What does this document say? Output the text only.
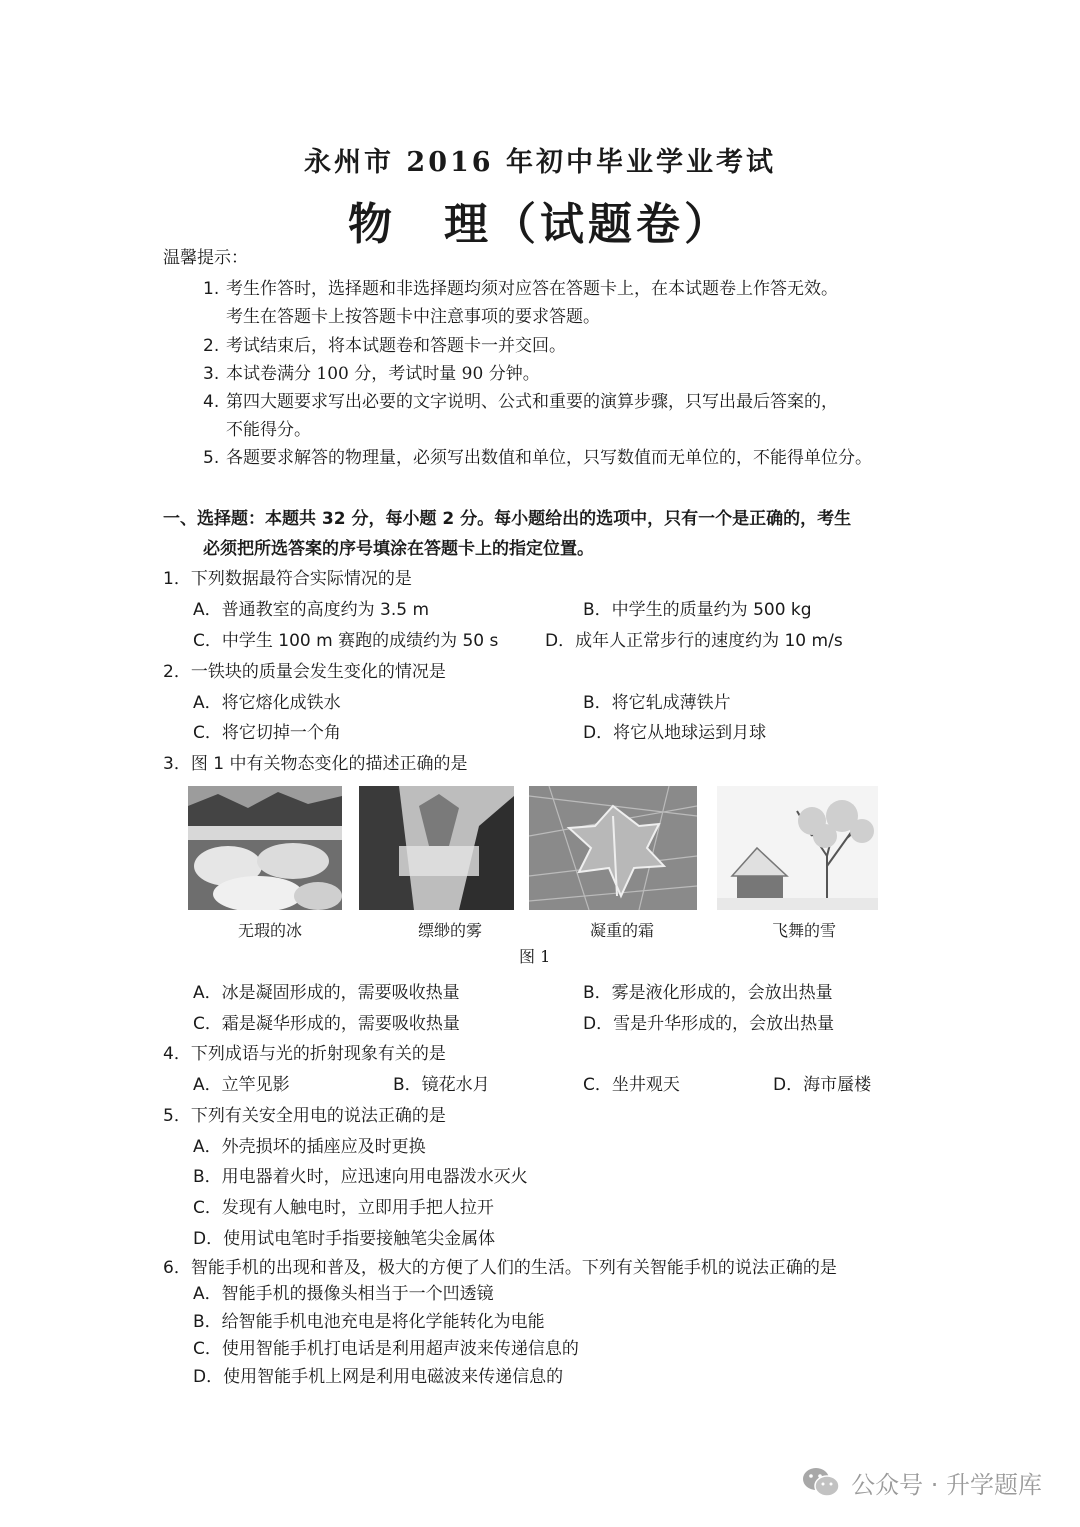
永州市 2016 年初中毕业学业考试
物　理（试题卷）
温馨提示：
1. 考生作答时，选择题和非选择题均须对应答在答题卡上，在本试题卷上作答无效。
考生在答题卡上按答题卡中注意事项的要求答题。
2. 考试结束后，将本试题卷和答题卡一并交回。
3. 本试卷满分 100 分，考试时量 90 分钟。
4. 第四大题要求写出必要的文字说明、公式和重要的演算步骤，只写出最后答案的，
不能得分。
5. 各题要求解答的物理量，必须写出数值和单位，只写数值而无单位的，不能得单位分。
一、选择题：本题共 32 分，每小题 2 分。每小题给出的选项中，只有一个是正确的，考生
必须把所选答案的序号填涂在答题卡上的指定位置。
1．下列数据最符合实际情况的是
A．普通教室的高度约为 3.5 m	B．中学生的质量约为 500 kg
C．中学生 100 m 赛跑的成绩约为 50 s	D．成年人正常步行的速度约为 10 m/s
2．一铁块的质量会发生变化的情况是
A．将它熔化成铁水	B．将它轧成薄铁片
C．将它切掉一个角	D．将它从地球运到月球
3．图 1 中有关物态变化的描述正确的是
无瑕的冰	缥缈的雾	凝重的霜	飞舞的雪
图 1
A．冰是凝固形成的，需要吸收热量	B．雾是液化形成的，会放出热量
C．霜是凝华形成的，需要吸收热量	D．雪是升华形成的，会放出热量
4．下列成语与光的折射现象有关的是
A．立竿见影	B．镜花水月	C．坐井观天	D．海市蜃楼
5．下列有关安全用电的说法正确的是
A．外壳损坏的插座应及时更换
B．用电器着火时，应迅速向用电器泼水灭火
C．发现有人触电时，立即用手把人拉开
D．使用试电笔时手指要接触笔尖金属体
6．智能手机的出现和普及，极大的方便了人们的生活。下列有关智能手机的说法正确的是
A．智能手机的摄像头相当于一个凹透镜
B．给智能手机电池充电是将化学能转化为电能
C．使用智能手机打电话是利用超声波来传递信息的
D．使用智能手机上网是利用电磁波来传递信息的
公众号 · 升学题库
